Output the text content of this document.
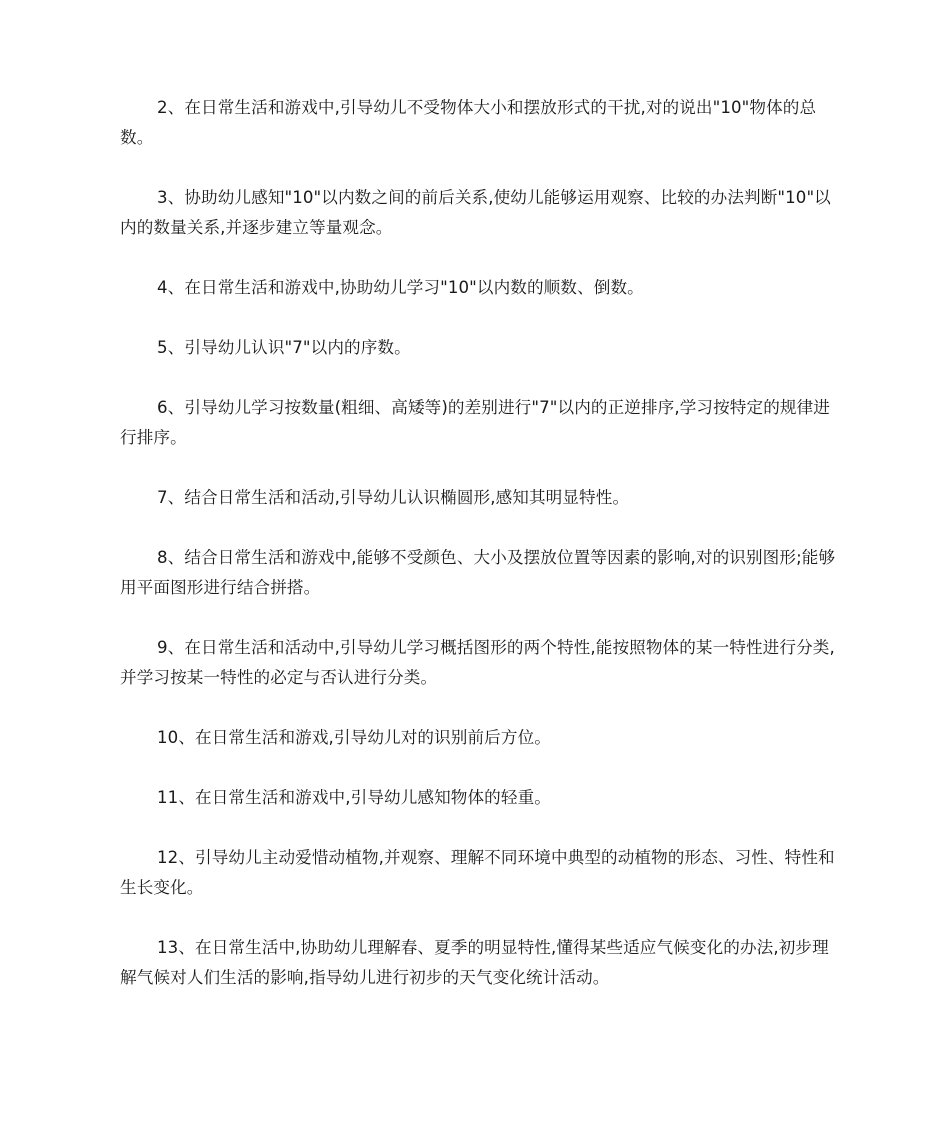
2、在日常生活和游戏中,引导幼儿不受物体大小和摆放形式的干扰,对的说出"10"物体的总数。

3、协助幼儿感知"10"以内数之间的前后关系,使幼儿能够运用观察、比较的办法判断"10"以内的数量关系,并逐步建立等量观念。

4、在日常生活和游戏中,协助幼儿学习"10"以内数的顺数、倒数。

5、引导幼儿认识"7"以内的序数。

6、引导幼儿学习按数量(粗细、高矮等)的差别进行"7"以内的正逆排序,学习按特定的规律进行排序。

7、结合日常生活和活动,引导幼儿认识椭圆形,感知其明显特性。

8、结合日常生活和游戏中,能够不受颜色、大小及摆放位置等因素的影响,对的识别图形;能够用平面图形进行结合拼搭。

9、在日常生活和活动中,引导幼儿学习概括图形的两个特性,能按照物体的某一特性进行分类,并学习按某一特性的必定与否认进行分类。

10、在日常生活和游戏,引导幼儿对的识别前后方位。

11、在日常生活和游戏中,引导幼儿感知物体的轻重。

12、引导幼儿主动爱惜动植物,并观察、理解不同环境中典型的动植物的形态、习性、特性和生长变化。

13、在日常生活中,协助幼儿理解春、夏季的明显特性,懂得某些适应气候变化的办法,初步理解气候对人们生活的影响,指导幼儿进行初步的天气变化统计活动。
